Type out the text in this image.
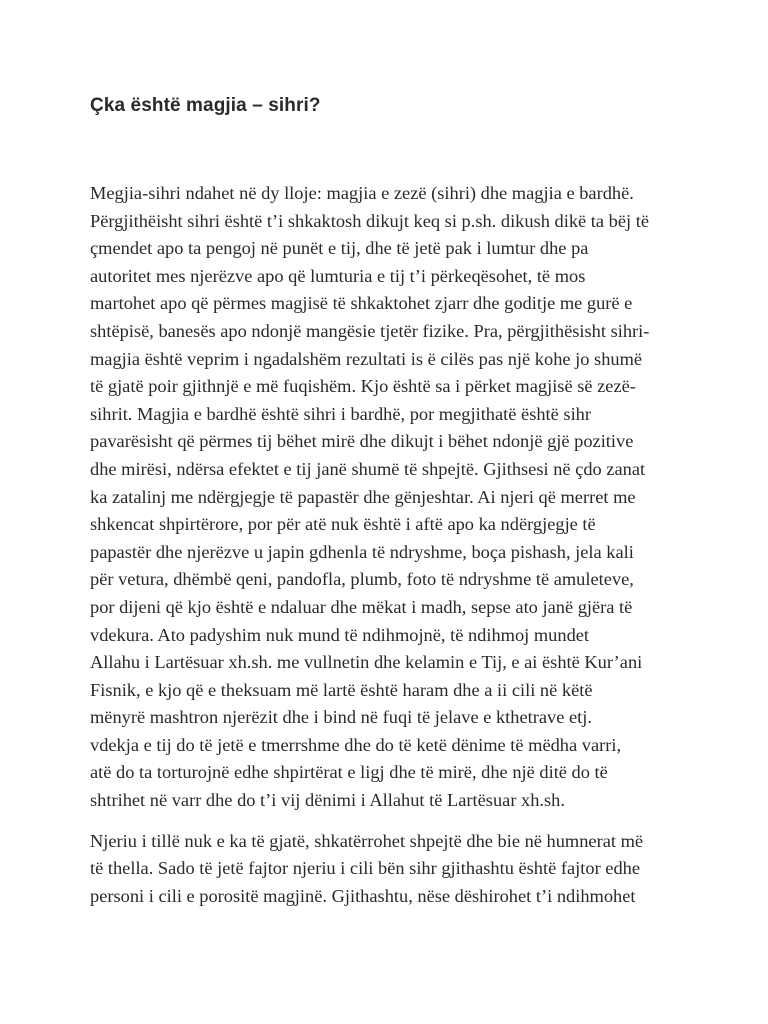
Çka është magjia – sihri?

Megjia-sihri ndahet në dy lloje: magjia e zezë (sihri) dhe magjia e bardhë.
Përgjithëisht sihri është t’i shkaktosh dikujt keq si p.sh. dikush dikë ta bëj të
çmendet apo ta pengoj në punët e tij, dhe të jetë pak i lumtur dhe pa
autoritet mes njerëzve apo që lumturia e tij t’i përkeqësohet, të mos
martohet apo që përmes magjisë të shkaktohet zjarr dhe goditje me gurë e
shtëpisë, banesës apo ndonjë mangësie tjetër fizike. Pra, përgjithësisht sihri-
magjia është veprim i ngadalshëm rezultati is ë cilës pas një kohe jo shumë
të gjatë poir gjithnjë e më fuqishëm. Kjo është sa i përket magjisë së zezë-
sihrit. Magjia e bardhë është sihri i bardhë, por megjithatë është sihr
pavarësisht që përmes tij bëhet mirë dhe dikujt i bëhet ndonjë gjë pozitive
dhe mirësi, ndërsa efektet e tij janë shumë të shpejtë. Gjithsesi në çdo zanat
ka zatalinj me ndërgjegje të papastër dhe gënjeshtar. Ai njeri që merret me
shkencat shpirtërore, por për atë nuk është i aftë apo ka ndërgjegje të
papastër dhe njerëzve u japin gdhenla të ndryshme, boça pishash, jela kali
për vetura, dhëmbë qeni, pandofla, plumb, foto të ndryshme të amuleteve,
por dijeni që kjo është e ndaluar dhe mëkat i madh, sepse ato janë gjëra të
vdekura. Ato padyshim nuk mund të ndihmojnë, të ndihmoj mundet
Allahu i Lartësuar xh.sh. me vullnetin dhe kelamin e Tij, e ai është Kur’ani
Fisnik, e kjo që e theksuam më lartë është haram dhe a ii cili në këtë
mënyrë mashtron njerëzit dhe i bind në fuqi të jelave e kthetrave etj.
vdekja e tij do të jetë e tmerrshme dhe do të ketë dënime të mëdha varri,
atë do ta torturojnë edhe shpirtërat e ligj dhe të mirë, dhe një ditë do të
shtrihet në varr dhe do t’i vij dënimi i Allahut të Lartësuar xh.sh.

Njeriu i tillë nuk e ka të gjatë, shkatërrohet shpejtë dhe bie në humnerat më
të thella. Sado të jetë fajtor njeriu i cili bën sihr gjithashtu është fajtor edhe
personi i cili e porositë magjinë. Gjithashtu, nëse dëshirohet t’i ndihmohet
